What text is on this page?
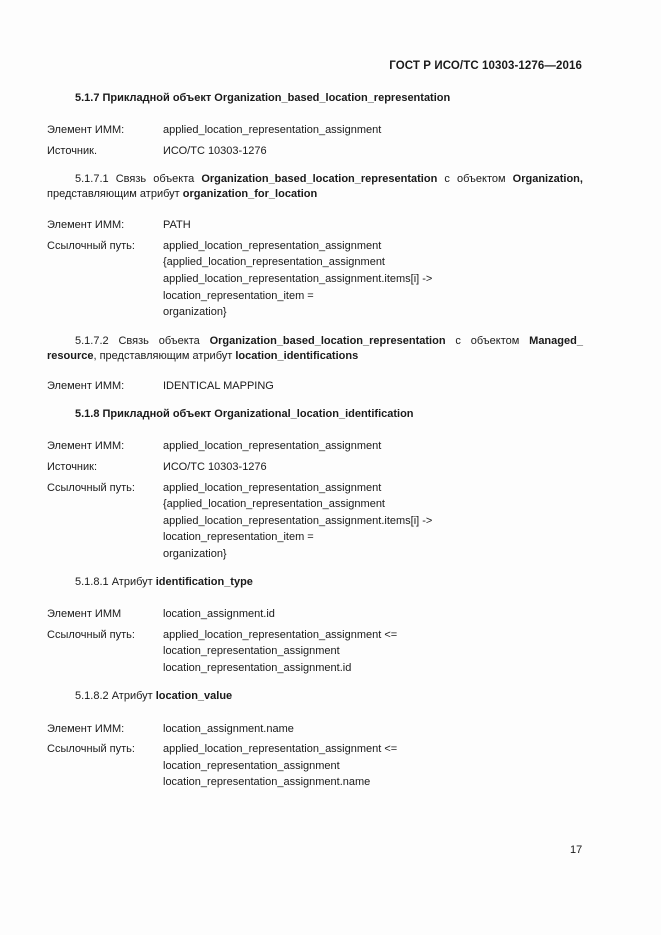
ГОСТ Р ИСО/ТС 10303-1276—2016
5.1.7 Прикладной объект Organization_based_location_representation
Элемент ИММ:	applied_location_representation_assignment
Источник.	ИСО/ТС 10303-1276
5.1.7.1 Связь объекта Organization_based_location_representation с объектом Organization,
представляющим атрибут organization_for_location
Элемент ИММ:	PATH
Ссылочный путь:	applied_location_representation_assignment
{applied_location_representation_assignment
applied_location_representation_assignment.items[i] ->
location_representation_item =
organization}
5.1.7.2 Связь объекта Organization_based_location_representation с объектом Managed_
resource, представляющим атрибут location_identifications
Элемент ИММ:	IDENTICAL MAPPING
5.1.8 Прикладной объект Organizational_location_identification
Элемент ИММ:	applied_location_representation_assignment
Источник:	ИСО/ТС 10303-1276
Ссылочный путь:	applied_location_representation_assignment
{applied_location_representation_assignment
applied_location_representation_assignment.items[i] ->
location_representation_item =
organization}
5.1.8.1 Атрибут identification_type
Элемент ИММ	location_assignment.id
Ссылочный путь:	applied_location_representation_assignment <=
location_representation_assignment
location_representation_assignment.id
5.1.8.2 Атрибут location_value
Элемент ИММ:	location_assignment.name
Ссылочный путь:	applied_location_representation_assignment <=
location_representation_assignment
location_representation_assignment.name
17
